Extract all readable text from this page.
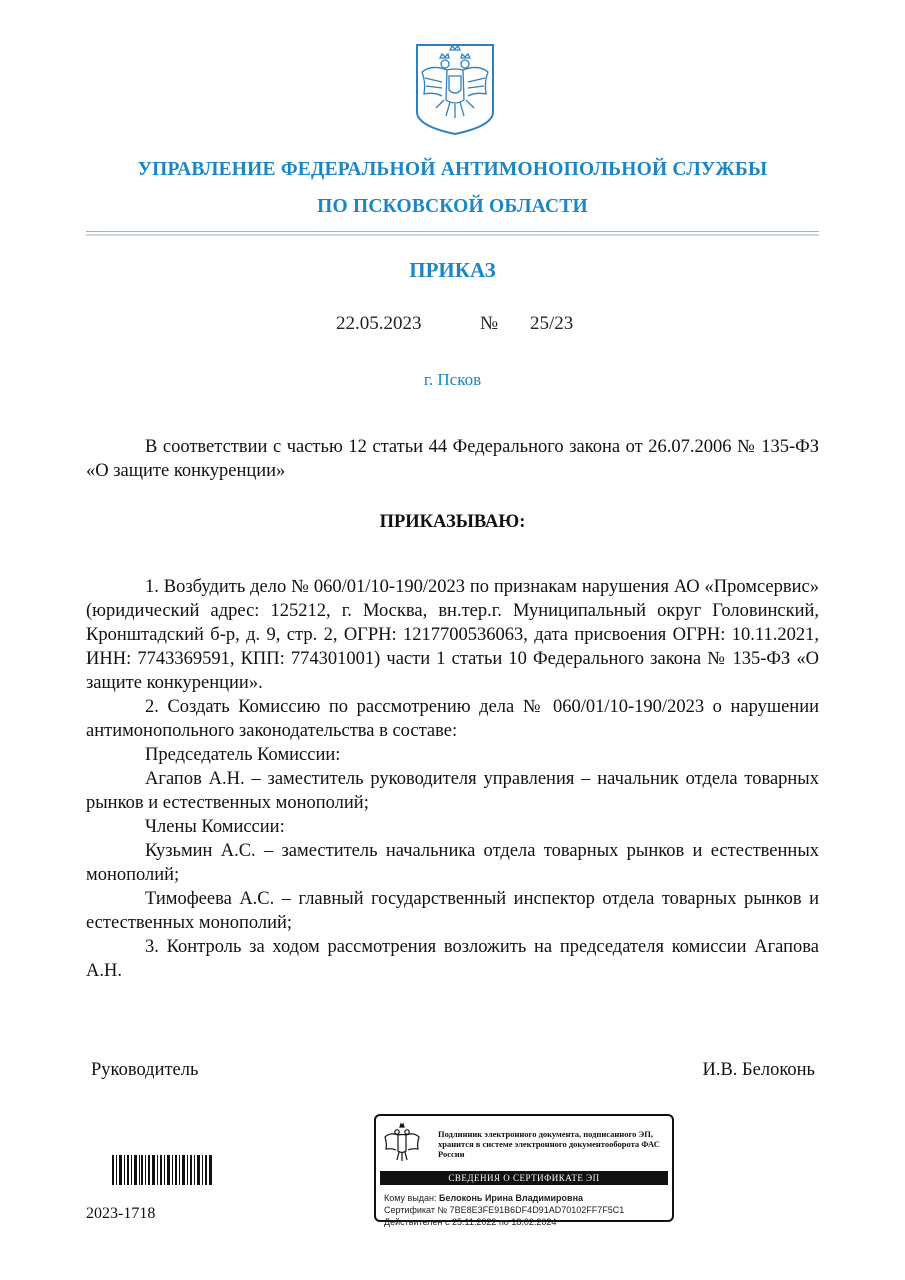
УПРАВЛЕНИЕ ФЕДЕРАЛЬНОЙ АНТИМОНОПОЛЬНОЙ СЛУЖБЫ
ПО ПСКОВСКОЙ ОБЛАСТИ
ПРИКАЗ
22.05.2023	№ 25/23
г. Псков

В соответствии с частью 12 статьи 44 Федерального закона от 26.07.2006 № 135-ФЗ «О защите конкуренции»

ПРИКАЗЫВАЮ:

1. Возбудить дело № 060/01/10-190/2023 по признакам нарушения АО «Промсервис» (юридический адрес: 125212, г. Москва, вн.тер.г. Муниципальный округ Головинский, Кронштадский б-р, д. 9, стр. 2, ОГРН: 1217700536063, дата присвоения ОГРН: 10.11.2021, ИНН: 7743369591, КПП: 774301001) части 1 статьи 10 Федерального закона № 135-ФЗ «О защите конкуренции».

2. Создать Комиссию по рассмотрению дела № 060/01/10-190/2023 о нарушении антимонопольного законодательства в составе:

Председатель Комиссии:

Агапов А.Н. – заместитель руководителя управления – начальник отдела товарных рынков и естественных монополий;

Члены Комиссии:

Кузьмин А.С. – заместитель начальника отдела товарных рынков и естественных монополий;

Тимофеева А.С. – главный государственный инспектор отдела товарных рынков и естественных монополий;

3. Контроль за ходом рассмотрения возложить на председателя комиссии Агапова А.Н.

Руководитель	И.В. Белоконь
2023-1718
Подлинник электронного документа, подписанного ЭП, хранится в системе электронного документооборота ФАС России
СВЕДЕНИЯ О СЕРТИФИКАТЕ ЭП
Кому выдан: Белоконь Ирина Владимировна
Сертификат № 7BE8E3FE91B6DF4D91AD70102FF7F5C1
Действителен с 25.11.2022 по 18.02.2024
